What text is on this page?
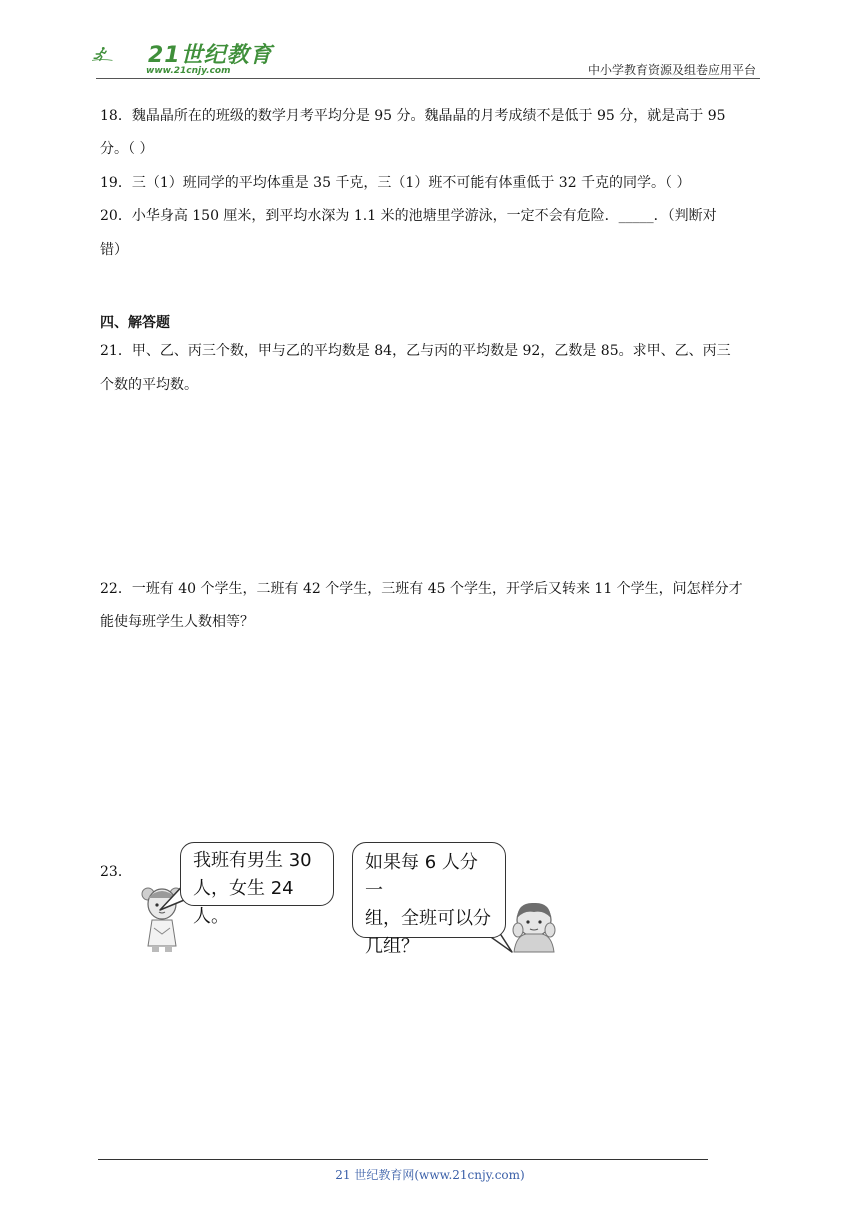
21世纪教育
www.21cnjy.com	中小学教育资源及组卷应用平台
18．魏晶晶所在的班级的数学月考平均分是 95 分。魏晶晶的月考成绩不是低于 95 分，就是高于 95
分。（ ）
19．三（1）班同学的平均体重是 35 千克，三（1）班不可能有体重低于 32 千克的同学。（ ）
20．小华身高 150 厘米，到平均水深为 1.1 米的池塘里学游泳，一定不会有危险．_____．（判断对
错）
四、解答题
21．甲、乙、丙三个数，甲与乙的平均数是 84，乙与丙的平均数是 92，乙数是 85。求甲、乙、丙三
个数的平均数。
22．一班有 40 个学生，二班有 42 个学生，三班有 45 个学生，开学后又转来 11 个学生，问怎样分才
能使每班学生人数相等？
23．
我班有男生 30
人，女生 24 人。
如果每 6 人分一
组，全班可以分
几组？
21 世纪教育网(www.21cnjy.com)
